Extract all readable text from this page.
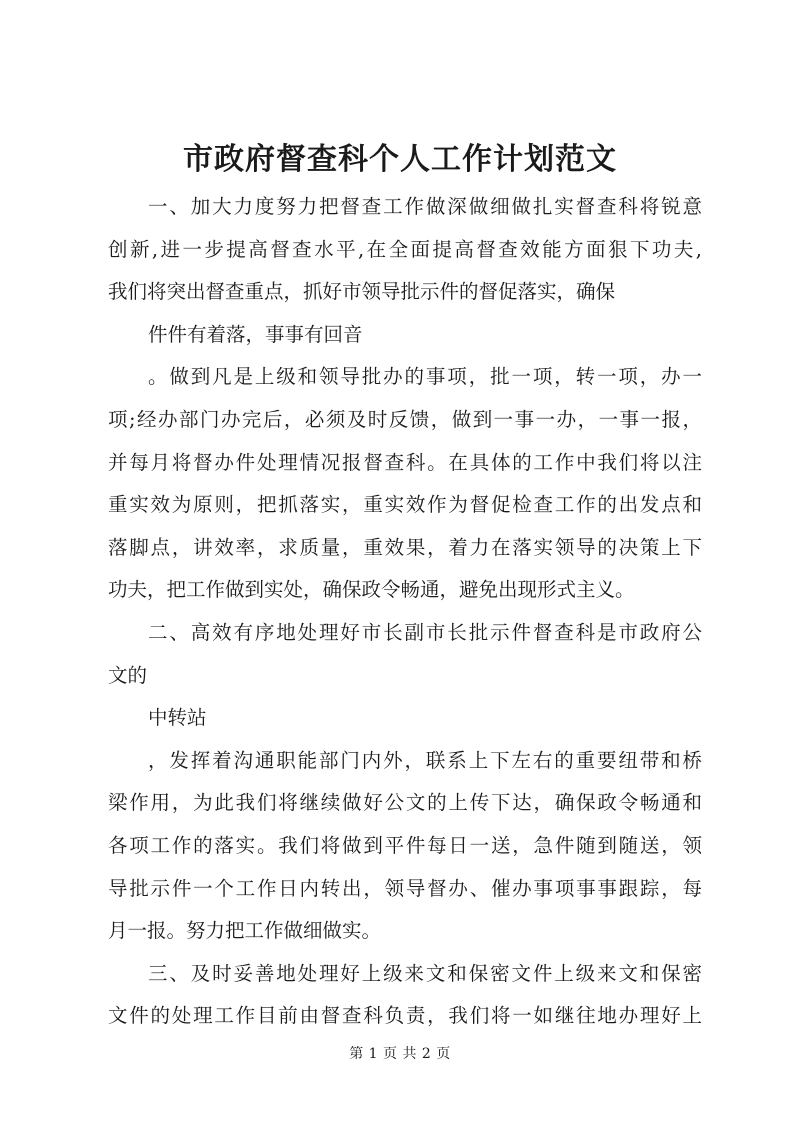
市政府督查科个人工作计划范文
一、加大力度努力把督查工作做深做细做扎实督查科将锐意
创新,进一步提高督查水平,在全面提高督查效能方面狠下功夫,
我们将突出督查重点，抓好市领导批示件的督促落实，确保
件件有着落，事事有回音
。做到凡是上级和领导批办的事项，批一项，转一项，办一
项;经办部门办完后，必须及时反馈，做到一事一办，一事一报，
并每月将督办件处理情况报督查科。在具体的工作中我们将以注
重实效为原则，把抓落实，重实效作为督促检查工作的出发点和
落脚点，讲效率，求质量，重效果，着力在落实领导的决策上下
功夫，把工作做到实处，确保政令畅通，避免出现形式主义。
二、高效有序地处理好市长副市长批示件督查科是市政府公
文的
中转站
，发挥着沟通职能部门内外，联系上下左右的重要纽带和桥
梁作用，为此我们将继续做好公文的上传下达，确保政令畅通和
各项工作的落实。我们将做到平件每日一送，急件随到随送，领
导批示件一个工作日内转出，领导督办、催办事项事事跟踪，每
月一报。努力把工作做细做实。
三、及时妥善地处理好上级来文和保密文件上级来文和保密
文件的处理工作目前由督查科负责，我们将一如继往地办理好上
第 1 页 共 2 页
